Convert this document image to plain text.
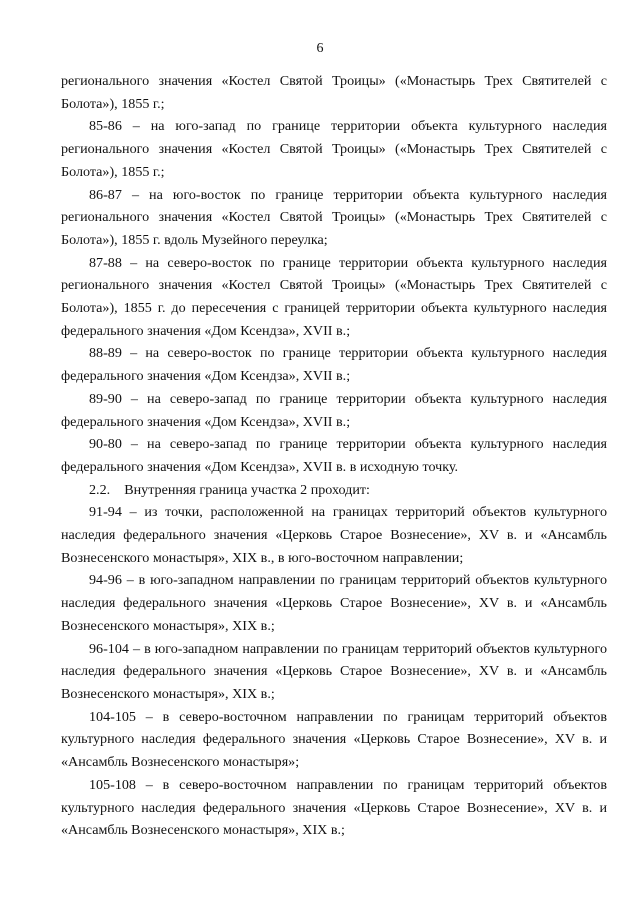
6

регионального значения «Костел Святой Троицы» («Монастырь Трех Святителей с Болота»), 1855 г.;

85-86 – на юго-запад по границе территории объекта культурного наследия регионального значения «Костел Святой Троицы» («Монастырь Трех Святителей с Болота»), 1855 г.;

86-87 – на юго-восток по границе территории объекта культурного наследия регионального значения «Костел Святой Троицы» («Монастырь Трех Святителей с Болота»), 1855 г. вдоль Музейного переулка;

87-88 – на северо-восток по границе территории объекта культурного наследия регионального значения «Костел Святой Троицы» («Монастырь Трех Святителей с Болота»), 1855 г. до пересечения с границей территории объекта культурного наследия федерального значения «Дом Ксендза», XVII в.;

88-89 – на северо-восток по границе территории объекта культурного наследия федерального значения «Дом Ксендза», XVII в.;

89-90 – на северо-запад по границе территории объекта культурного наследия федерального значения «Дом Ксендза», XVII в.;

90-80 – на северо-запад по границе территории объекта культурного наследия федерального значения «Дом Ксендза», XVII в. в исходную точку.

2.2.    Внутренняя граница участка 2 проходит:

91-94 – из точки, расположенной на границах территорий объектов культурного наследия федерального значения «Церковь Старое Вознесение», XV в. и «Ансамбль Вознесенского монастыря», XIX в., в юго-восточном направлении;

94-96 – в юго-западном направлении по границам территорий объектов культурного наследия федерального значения «Церковь Старое Вознесение», XV в. и «Ансамбль Вознесенского монастыря», XIX в.;

96-104 – в юго-западном направлении по границам территорий объектов культурного наследия федерального значения «Церковь Старое Вознесение», XV в. и «Ансамбль Вознесенского монастыря», XIX в.;

104-105 – в северо-восточном направлении по границам территорий объектов культурного наследия федерального значения «Церковь Старое Вознесение», XV в. и «Ансамбль Вознесенского монастыря»;

105-108 – в северо-восточном направлении по границам территорий объектов культурного наследия федерального значения «Церковь Старое Вознесение», XV в. и «Ансамбль Вознесенского монастыря», XIX в.;
